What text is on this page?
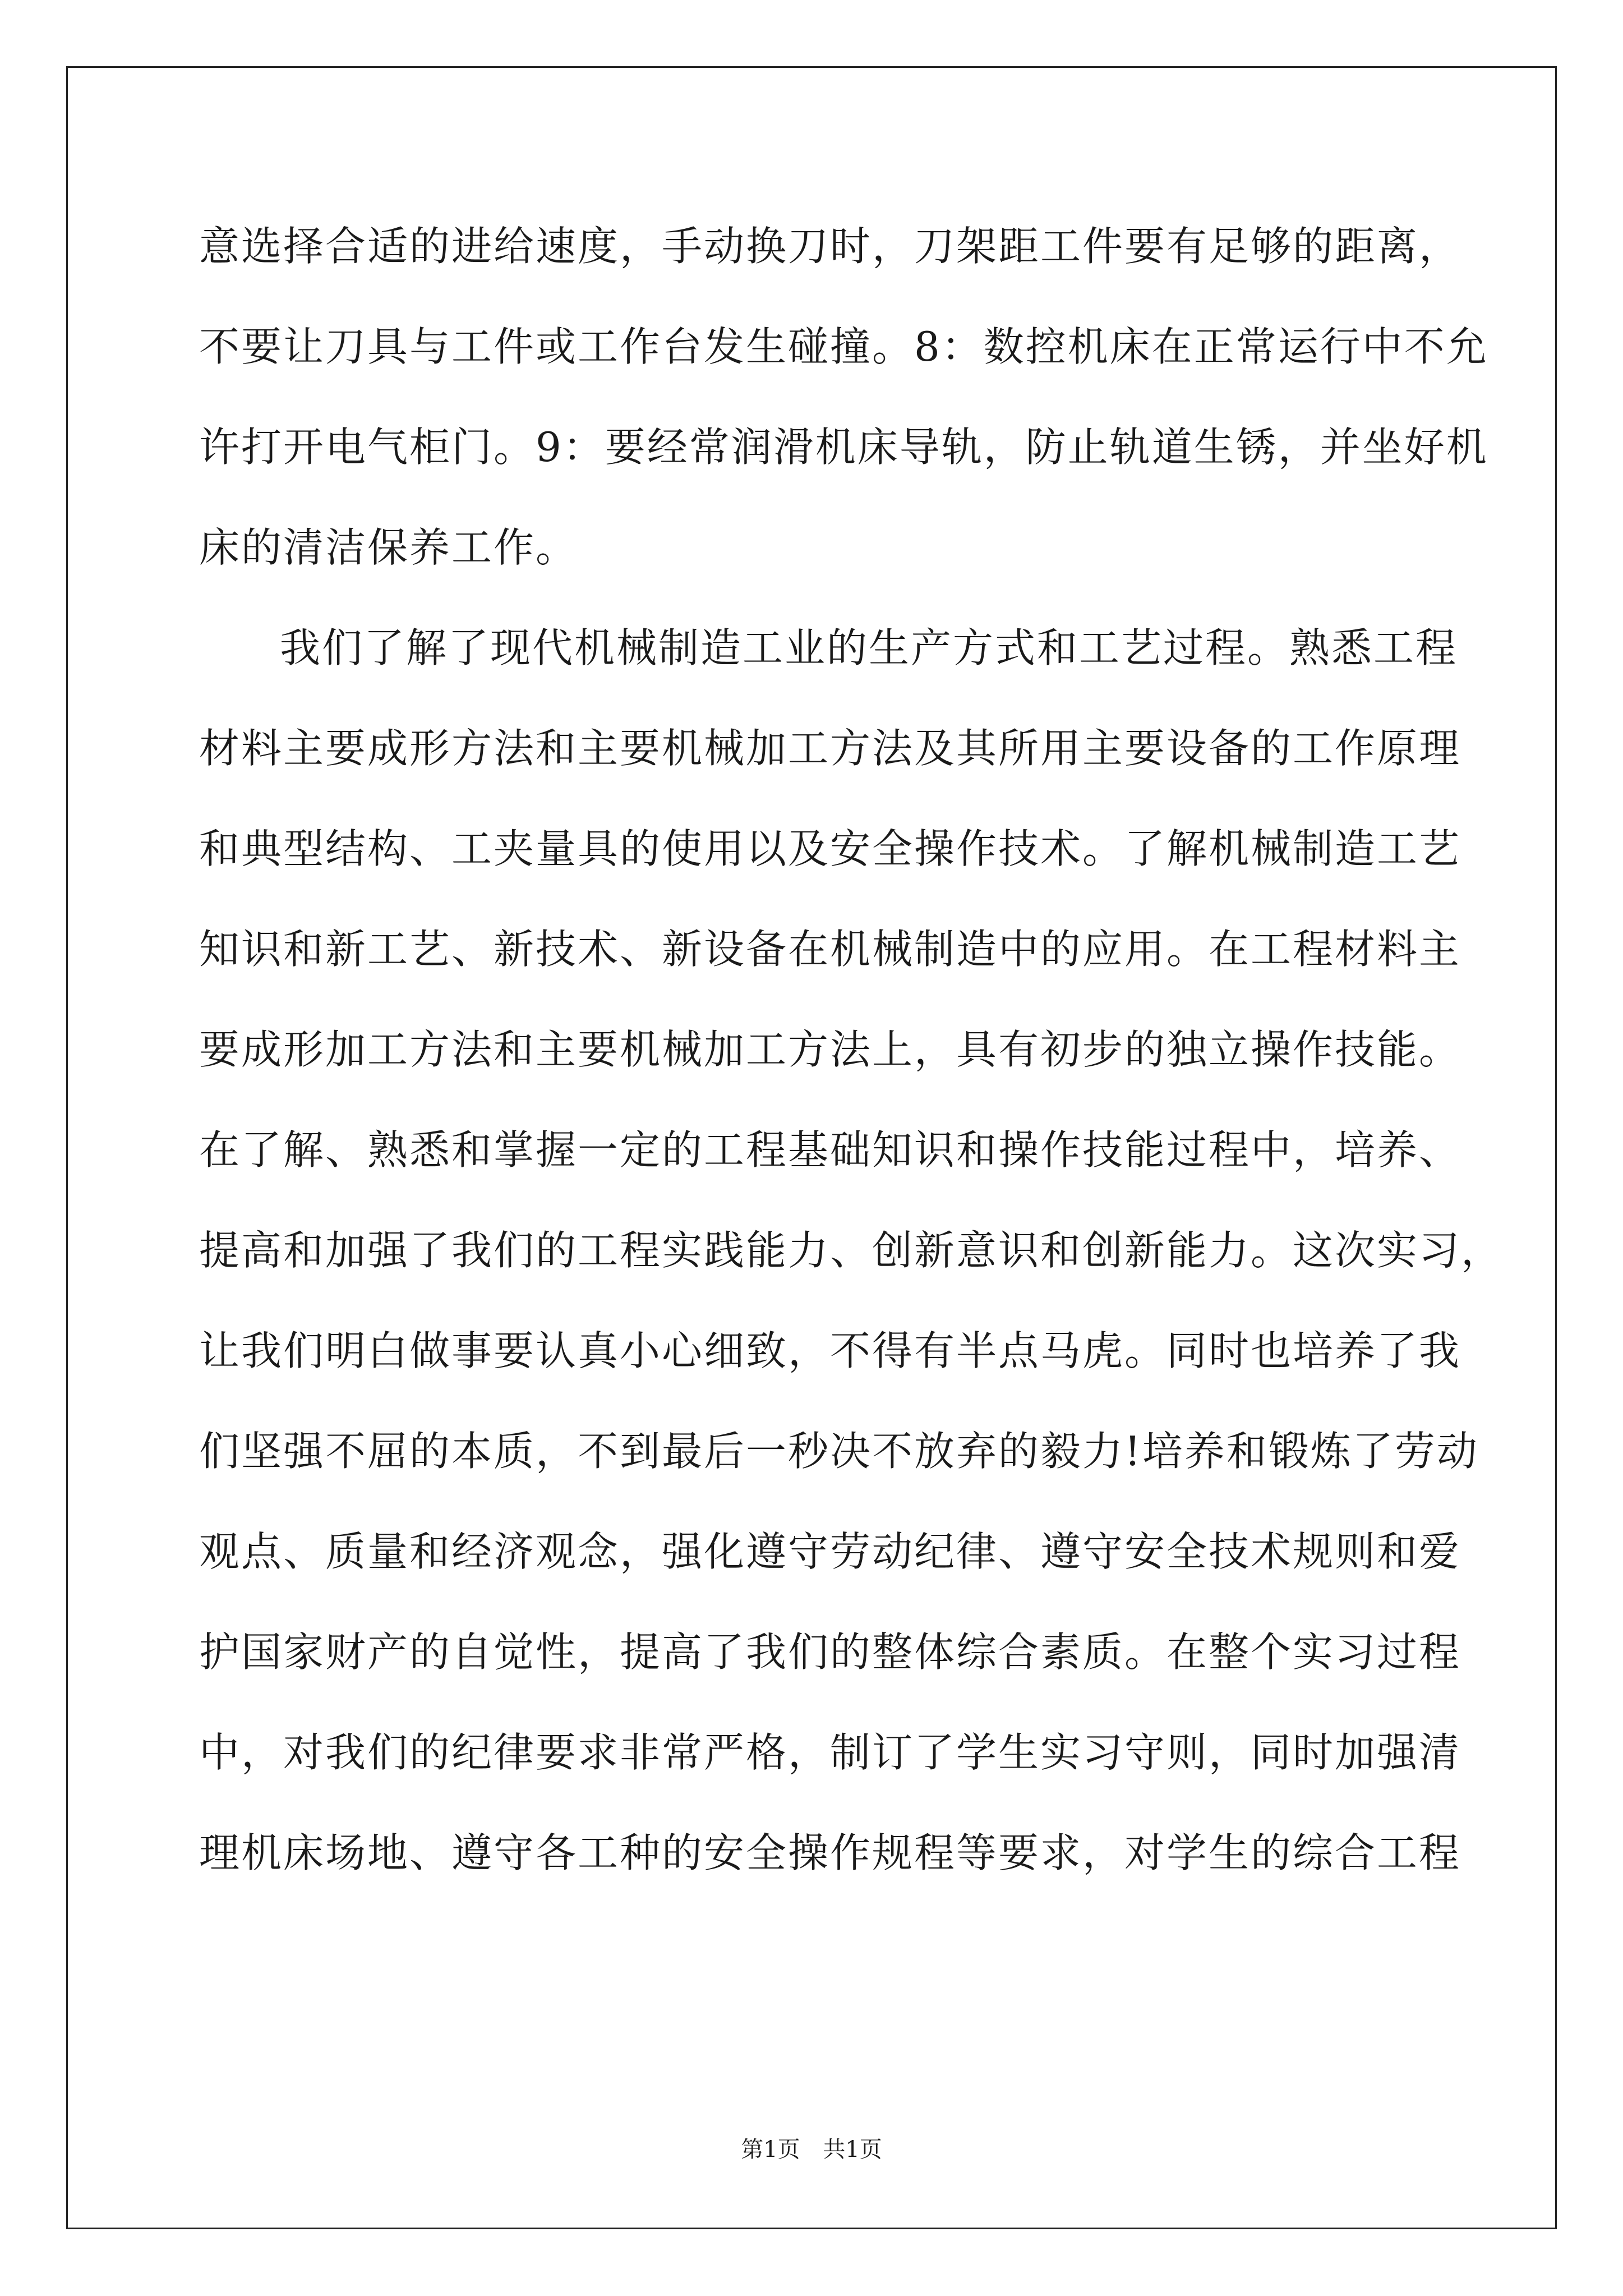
意选择合适的进给速度，手动换刀时，刀架距工件要有足够的距离，
不要让刀具与工件或工作台发生碰撞。8：数控机床在正常运行中不允
许打开电气柜门。9：要经常润滑机床导轨，防止轨道生锈，并坐好机
床的清洁保养工作。
我们了解了现代机械制造工业的生产方式和工艺过程。熟悉工程
材料主要成形方法和主要机械加工方法及其所用主要设备的工作原理
和典型结构、工夹量具的使用以及安全操作技术。了解机械制造工艺
知识和新工艺、新技术、新设备在机械制造中的应用。在工程材料主
要成形加工方法和主要机械加工方法上，具有初步的独立操作技能。
在了解、熟悉和掌握一定的工程基础知识和操作技能过程中，培养、
提高和加强了我们的工程实践能力、创新意识和创新能力。这次实习，
让我们明白做事要认真小心细致，不得有半点马虎。同时也培养了我
们坚强不屈的本质，不到最后一秒决不放弃的毅力!培养和锻炼了劳动
观点、质量和经济观念，强化遵守劳动纪律、遵守安全技术规则和爱
护国家财产的自觉性，提高了我们的整体综合素质。在整个实习过程
中，对我们的纪律要求非常严格，制订了学生实习守则，同时加强清
理机床场地、遵守各工种的安全操作规程等要求，对学生的综合工程
第1页 共1页
